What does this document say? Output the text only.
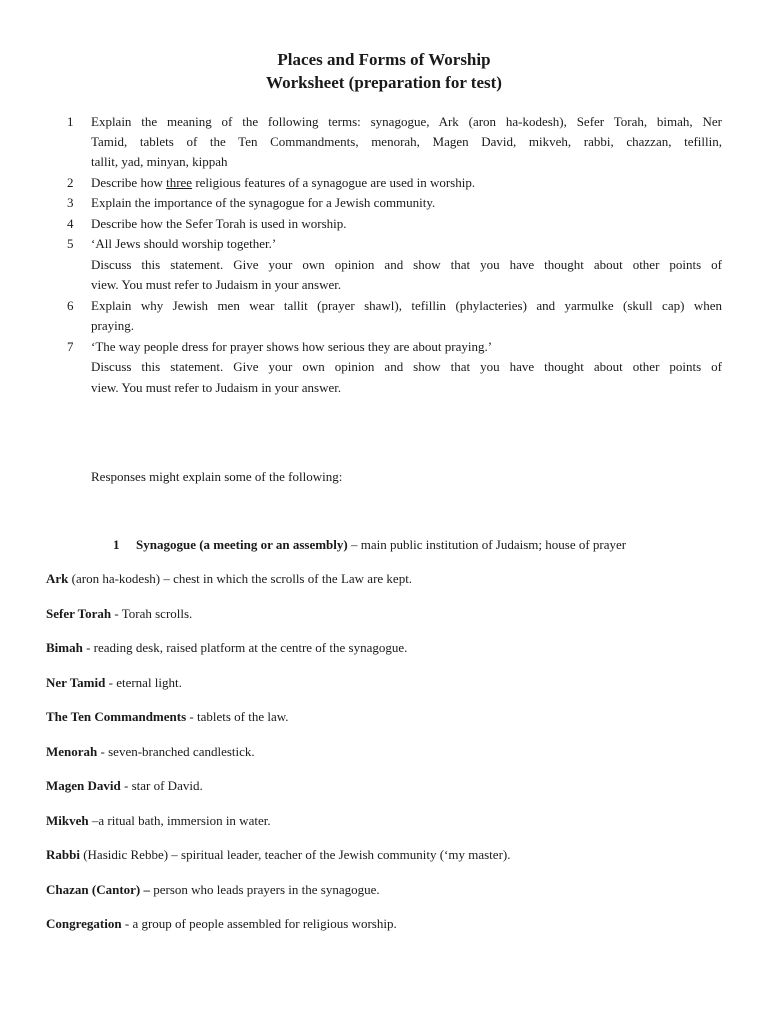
Places and Forms of Worship
Worksheet (preparation for test)
1	Explain the meaning of the following terms: synagogue, Ark (aron ha-kodesh), Sefer Torah, bimah, Ner
Tamid, tablets of the Ten Commandments, menorah, Magen David, mikveh, rabbi, chazzan, tefillin,
tallit, yad, minyan, kippah
2	Describe how three religious features of a synagogue are used in worship.
3	Explain the importance of the synagogue for a Jewish community.
4	Describe how the Sefer Torah is used in worship.
5	‘All Jews should worship together.’
Discuss this statement. Give your own opinion and show that you have thought about other points of
view. You must refer to Judaism in your answer.
6	Explain why Jewish men wear tallit (prayer shawl), tefillin (phylacteries) and yarmulke (skull cap) when
praying.
7	‘The way people dress for prayer shows how serious they are about praying.’
Discuss this statement. Give your own opinion and show that you have thought about other points of
view. You must refer to Judaism in your answer.
Responses might explain some of the following:
1 Synagogue (a meeting or an assembly) – main public institution of Judaism; house of prayer
Ark (aron ha-kodesh) – chest in which the scrolls of the Law are kept.
Sefer Torah - Torah scrolls.
Bimah - reading desk, raised platform at the centre of the synagogue.
Ner Tamid - eternal light.
The Ten Commandments - tablets of the law.
Menorah - seven-branched candlestick.
Magen David - star of David.
Mikveh –a ritual bath, immersion in water.
Rabbi (Hasidic Rebbe) – spiritual leader, teacher of the Jewish community (‘my master).
Chazan (Cantor) – person who leads prayers in the synagogue.
Congregation - a group of people assembled for religious worship.
